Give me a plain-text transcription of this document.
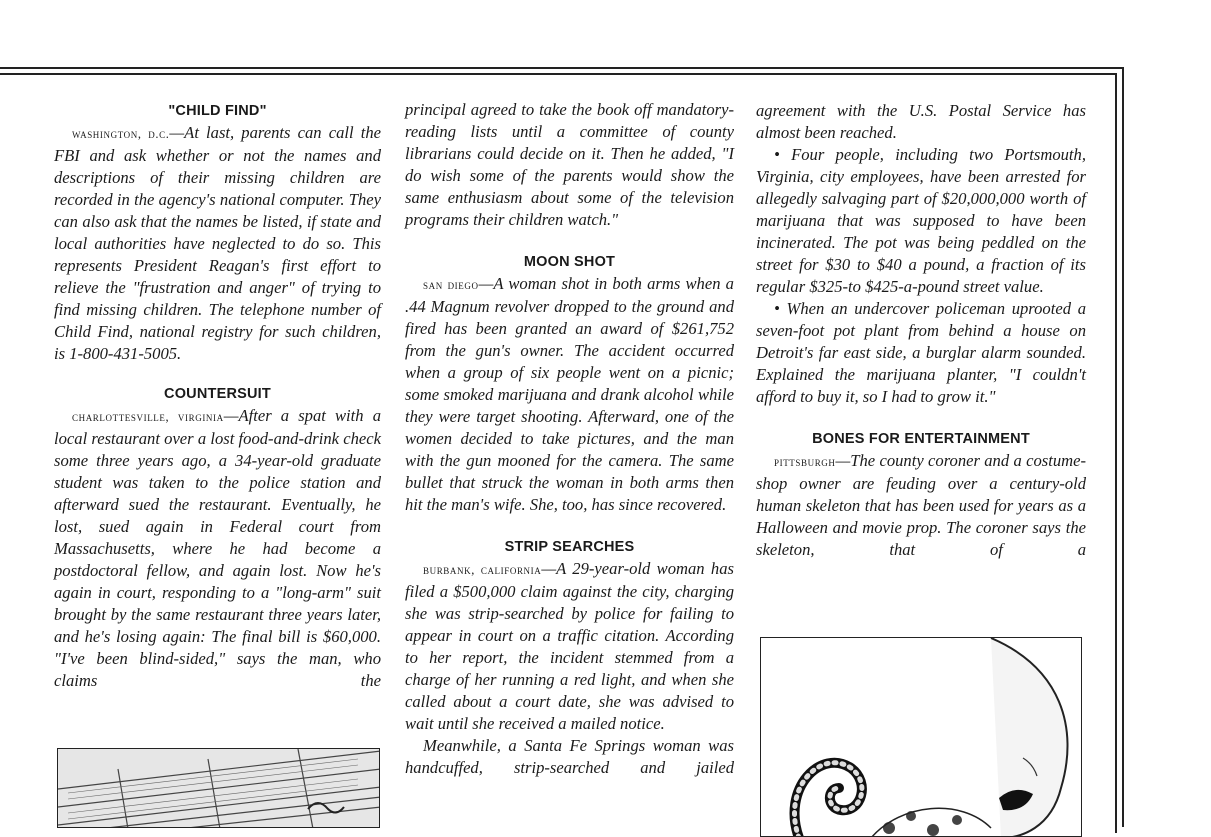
"CHILD FIND"

washington, d.c.—At last, parents can call the FBI and ask whether or not the names and descriptions of their missing children are recorded in the agency's national computer. They can also ask that the names be listed, if state and local authorities have neglected to do so. This represents President Reagan's first effort to relieve the "frustration and anger" of trying to find missing children. The telephone number of Child Find, national registry for such children, is 1-800-431-5005.

COUNTERSUIT

charlottesville, virginia—After a spat with a local restaurant over a lost food-and-drink check some three years ago, a 34-year-old graduate student was taken to the police station and afterward sued the restaurant. Eventually, he lost, sued again in Federal court from Massachusetts, where he had become a postdoctoral fellow, and again lost. Now he's again in court, responding to a "long-arm" suit brought by the same restaurant three years later, and he's losing again: The final bill is $60,000. "I've been blind-sided," says the man, who claims the

principal agreed to take the book off mandatory-reading lists until a committee of county librarians could decide on it. Then he added, "I do wish some of the parents would show the same enthusiasm about some of the television programs their children watch."

MOON SHOT

san diego—A woman shot in both arms when a .44 Magnum revolver dropped to the ground and fired has been granted an award of $261,752 from the gun's owner. The accident occurred when a group of six people went on a picnic; some smoked marijuana and drank alcohol while they were target shooting. Afterward, one of the women decided to take pictures, and the man with the gun mooned for the camera. The same bullet that struck the woman in both arms then hit the man's wife. She, too, has since recovered.

STRIP SEARCHES

burbank, california—A 29-year-old woman has filed a $500,000 claim against the city, charging she was strip-searched by police for failing to appear in court on a traffic citation. According to her report, the incident stemmed from a charge of her running a red light, and when she called about a court date, she was advised to wait until she received a mailed notice.

Meanwhile, a Santa Fe Springs woman was handcuffed, strip-searched and jailed

agreement with the U.S. Postal Service has almost been reached.

• Four people, including two Portsmouth, Virginia, city employees, have been arrested for allegedly salvaging part of $20,000,000 worth of marijuana that was supposed to have been incinerated. The pot was being peddled on the street for $30 to $40 a pound, a fraction of its regular $325-to $425-a-pound street value.

• When an undercover policeman uprooted a seven-foot pot plant from behind a house on Detroit's far east side, a burglar alarm sounded. Explained the marijuana planter, "I couldn't afford to buy it, so I had to grow it."

BONES FOR ENTERTAINMENT

pittsburgh—The county coroner and a costume-shop owner are feuding over a century-old human skeleton that has been used for years as a Halloween and movie prop. The coroner says the skeleton, that of a
